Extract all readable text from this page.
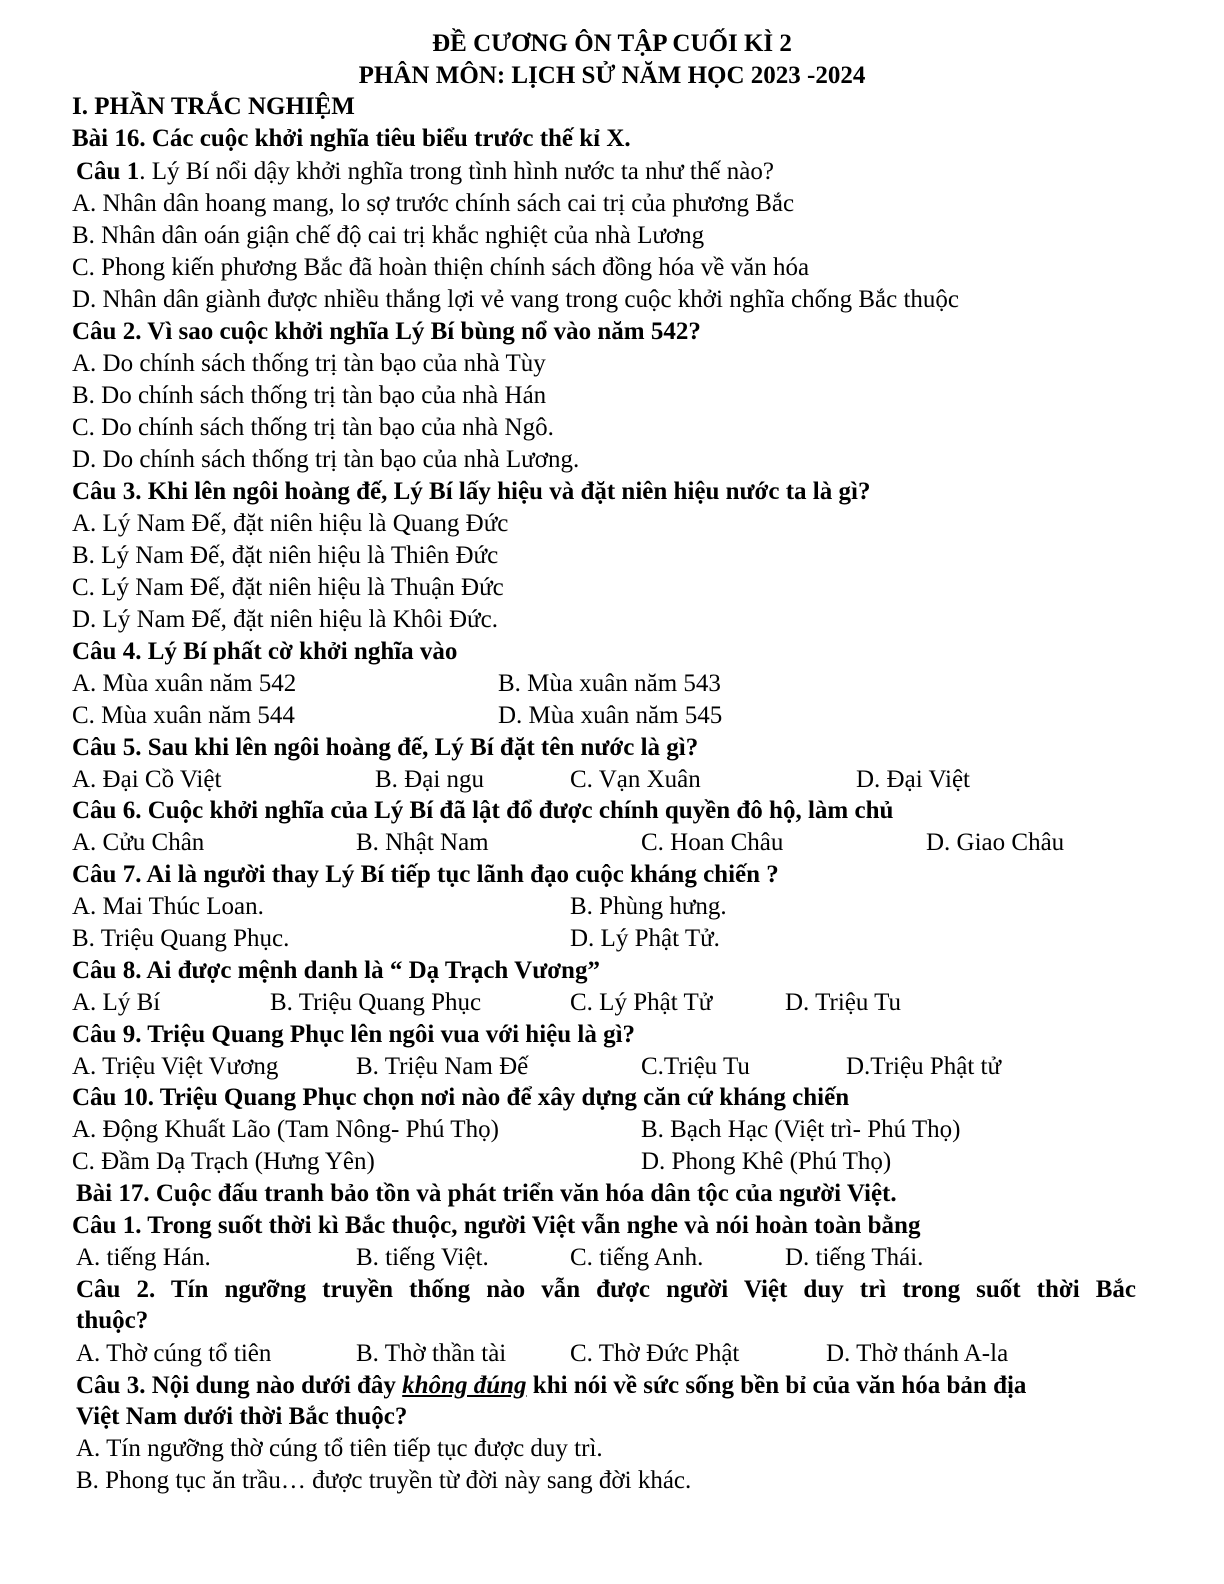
ĐỀ CƯƠNG ÔN TẬP CUỐI KÌ 2
PHÂN MÔN: LỊCH SỬ NĂM HỌC 2023 -2024
I. PHẦN TRẮC NGHIỆM
Bài 16. Các cuộc khởi nghĩa tiêu biểu trước thế kỉ X.
Câu 1. Lý Bí nổi dậy khởi nghĩa trong tình hình nước ta như thế nào?
A. Nhân dân hoang mang, lo sợ trước chính sách cai trị của phương Bắc
B. Nhân dân oán giận chế độ cai trị khắc nghiệt của nhà Lương
C. Phong kiến phương Bắc đã hoàn thiện chính sách đồng hóa về văn hóa
D. Nhân dân giành được nhiều thắng lợi vẻ vang trong cuộc khởi nghĩa chống Bắc thuộc
Câu 2. Vì sao cuộc khởi nghĩa Lý Bí bùng nổ vào năm 542?
A. Do chính sách thống trị tàn bạo của nhà Tùy
B. Do chính sách thống trị tàn bạo của nhà Hán
C. Do chính sách thống trị tàn bạo của nhà Ngô.
D. Do chính sách thống trị tàn bạo của nhà Lương.
Câu 3. Khi lên ngôi hoàng đế, Lý Bí lấy hiệu và đặt niên hiệu nước ta là gì?
A. Lý Nam Đế, đặt niên hiệu là Quang Đức
B. Lý Nam Đế, đặt niên hiệu là Thiên Đức
C. Lý Nam Đế, đặt niên hiệu là Thuận Đức
D. Lý Nam Đế, đặt niên hiệu là Khôi Đức.
Câu 4. Lý Bí phất cờ khởi nghĩa vào
A. Mùa xuân năm 542	B. Mùa xuân năm 543
C. Mùa xuân năm 544	D. Mùa xuân năm 545
Câu 5. Sau khi lên ngôi hoàng đế, Lý Bí đặt tên nước là gì?
A. Đại Cồ Việt	B. Đại ngu	C. Vạn Xuân	D. Đại Việt
Câu 6. Cuộc khởi nghĩa của Lý Bí đã lật đổ được chính quyền đô hộ, làm chủ
A. Cửu Chân	B. Nhật Nam	C. Hoan Châu	D. Giao Châu
Câu 7. Ai là người thay Lý Bí tiếp tục lãnh đạo cuộc kháng chiến ?
A. Mai Thúc Loan.	B. Phùng hưng.
B. Triệu Quang Phục.	D. Lý Phật Tử.
Câu 8. Ai được mệnh danh là “ Dạ Trạch Vương”
A. Lý Bí	B. Triệu Quang Phục	C. Lý Phật Tử	D. Triệu Tu
Câu 9. Triệu Quang Phục lên ngôi vua với hiệu là gì?
A. Triệu Việt Vương	B. Triệu Nam Đế	C.Triệu Tu	D.Triệu Phật tử
Câu 10. Triệu Quang Phục chọn nơi nào để xây dựng căn cứ kháng chiến
A. Động Khuất Lão (Tam Nông- Phú Thọ)	B. Bạch Hạc (Việt trì- Phú Thọ)
C. Đầm Dạ Trạch (Hưng Yên)	D. Phong Khê (Phú Thọ)
Bài 17. Cuộc đấu tranh bảo tồn và phát triển văn hóa dân tộc của người Việt.
Câu 1. Trong suốt thời kì Bắc thuộc, người Việt vẫn nghe và nói hoàn toàn bằng
A. tiếng Hán.	B. tiếng Việt.	C. tiếng Anh.	D. tiếng Thái.
Câu 2. Tín ngưỡng truyền thống nào vẫn được người Việt duy trì trong suốt thời Bắc
thuộc?
A. Thờ cúng tổ tiên	B. Thờ thần tài	C. Thờ Đức Phật	D. Thờ thánh A-la
Câu 3. Nội dung nào dưới đây không đúng khi nói về sức sống bền bỉ của văn hóa bản địa
Việt Nam dưới thời Bắc thuộc?
A. Tín ngưỡng thờ cúng tổ tiên tiếp tục được duy trì.
B. Phong tục ăn trầu… được truyền từ đời này sang đời khác.
